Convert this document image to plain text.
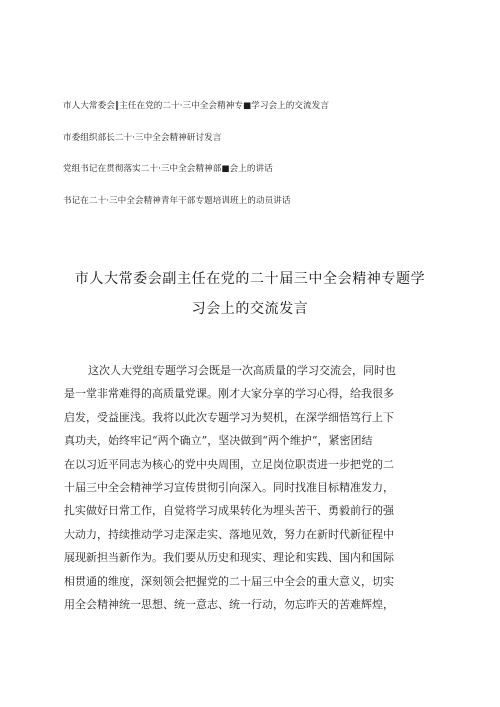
市人大常委会‖主任在党的二十·三中全会精神专■学习会上的交流发言
市委组织部长二十·三中全会精神研讨发言
党组书记在贯彻落实二十·三中全会精神部■会上的讲话
书记在二十·三中全会精神青年干部专题培训班上的动员讲话
市人大常委会副主任在党的二十届三中全会精神专题学
习会上的交流发言
这次人大党组专题学习会既是一次高质量的学习交流会，同时也
是一堂非常难得的高质量党课。刚才大家分享的学习心得，给我很多
启发，受益匪浅。我将以此次专题学习为契机，在深学细悟笃行上下
真功夫，始终牢记“两个确立”，坚决做到“两个维护“，紧密团结
在以习近平同志为核心的党中央周围，立足岗位职责进一步把党的二
十届三中全会精神学习宣传贯彻引向深入。同时找准目标精准发力，
扎实做好日常工作，自觉将学习成果转化为埋头苦干、勇毅前行的强
大动力，持续推动学习走深走实、落地见效，努力在新时代新征程中
展现新担当新作为。我们要从历史和现实、理论和实践、国内和国际
相贯通的维度，深刻领会把握党的二十届三中全会的重大意义，切实
用全会精神统一思想、统一意志、统一行动，勿忘昨天的苦难辉煌，
